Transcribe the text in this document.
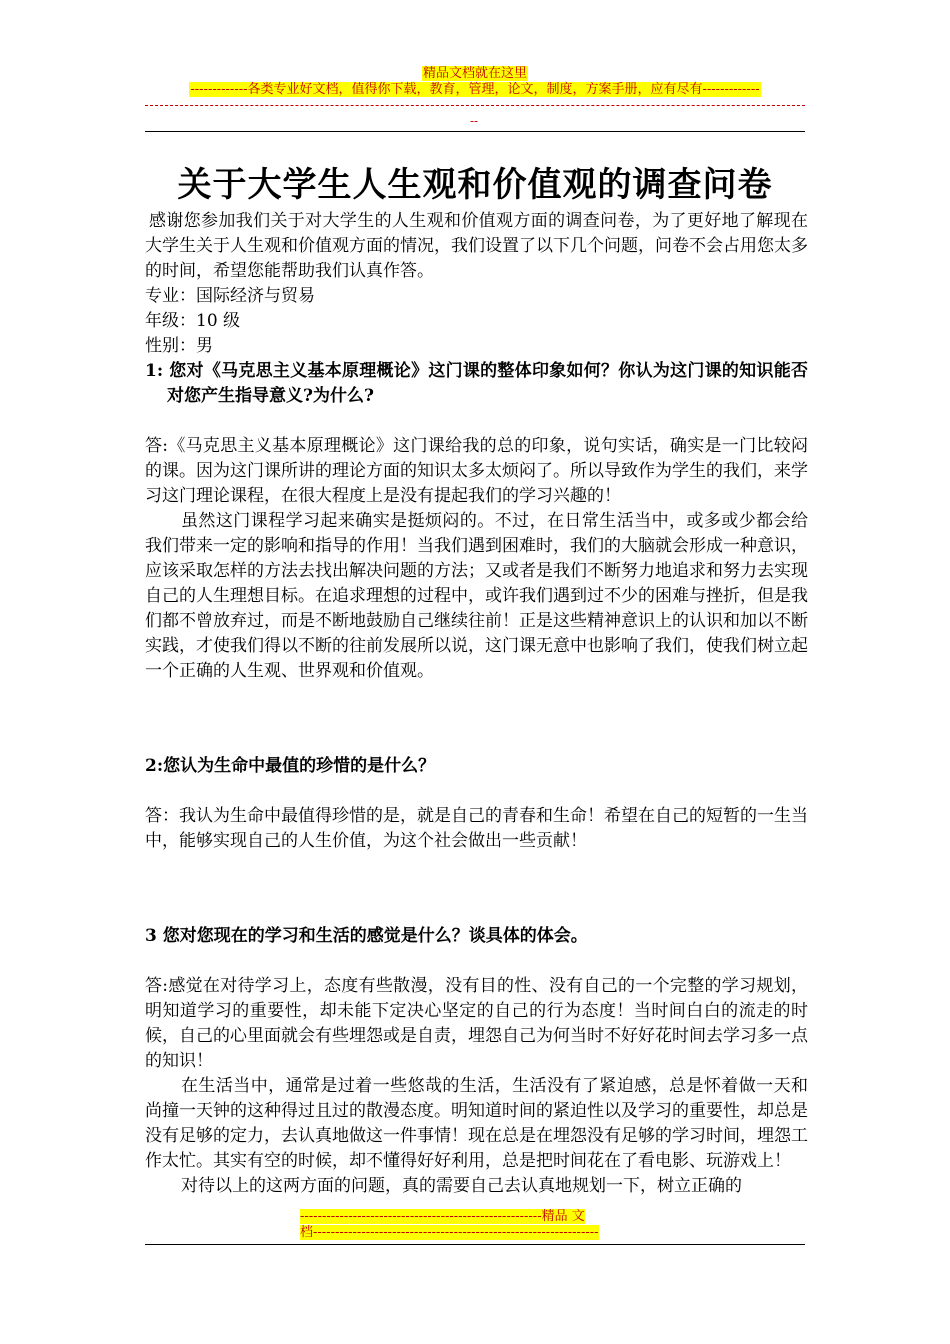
精品文档就在这里
-------------各类专业好文档，值得你下载，教育，管理，论文，制度，方案手册，应有尽有-------------
--
关于大学生人生观和价值观的调查问卷

感谢您参加我们关于对大学生的人生观和价值观方面的调查问卷，为了更好地了解现在大学生关于人生观和价值观方面的情况，我们设置了以下几个问题，问卷不会占用您太多的时间，希望您能帮助我们认真作答。

专业：国际经济与贸易

年级：10 级

性别：男

1: 您对《马克思主义基本原理概论》这门课的整体印象如何？你认为这门课的知识能否对您产生指导意义?为什么?

答:《马克思主义基本原理概论》这门课给我的总的印象，说句实话，确实是一门比较闷的课。因为这门课所讲的理论方面的知识太多太烦闷了。所以导致作为学生的我们，来学习这门理论课程，在很大程度上是没有提起我们的学习兴趣的！

虽然这门课程学习起来确实是挺烦闷的。不过，在日常生活当中，或多或少都会给我们带来一定的影响和指导的作用！当我们遇到困难时，我们的大脑就会形成一种意识，应该采取怎样的方法去找出解决问题的方法；又或者是我们不断努力地追求和努力去实现自己的人生理想目标。在追求理想的过程中，或许我们遇到过不少的困难与挫折，但是我们都不曾放弃过，而是不断地鼓励自己继续往前！正是这些精神意识上的认识和加以不断实践，才使我们得以不断的往前发展所以说，这门课无意中也影响了我们，使我们树立起一个正确的人生观、世界观和价值观。

2:您认为生命中最值的珍惜的是什么？

答：我认为生命中最值得珍惜的是，就是自己的青春和生命！希望在自己的短暂的一生当中，能够实现自己的人生价值，为这个社会做出一些贡献！

3 您对您现在的学习和生活的感觉是什么？谈具体的体会。

答:感觉在对待学习上，态度有些散漫，没有目的性、没有自己的一个完整的学习规划，明知道学习的重要性，却未能下定决心坚定的自己的行为态度！当时间白白的流走的时候，自己的心里面就会有些埋怨或是自责，埋怨自己为何当时不好好花时间去学习多一点的知识！

在生活当中，通常是过着一些悠哉的生活，生活没有了紧迫感，总是怀着做一天和尚撞一天钟的这种得过且过的散漫态度。明知道时间的紧迫性以及学习的重要性，却总是没有足够的定力，去认真地做这一件事情！现在总是在埋怨没有足够的学习时间，埋怨工作太忙。其实有空的时候，却不懂得好好利用，总是把时间花在了看电影、玩游戏上！

对待以上的这两方面的问题，真的需要自己去认真地规划一下，树立正确的

-------------------------------------------------------精品 文
档-----------------------------------------------------------------
